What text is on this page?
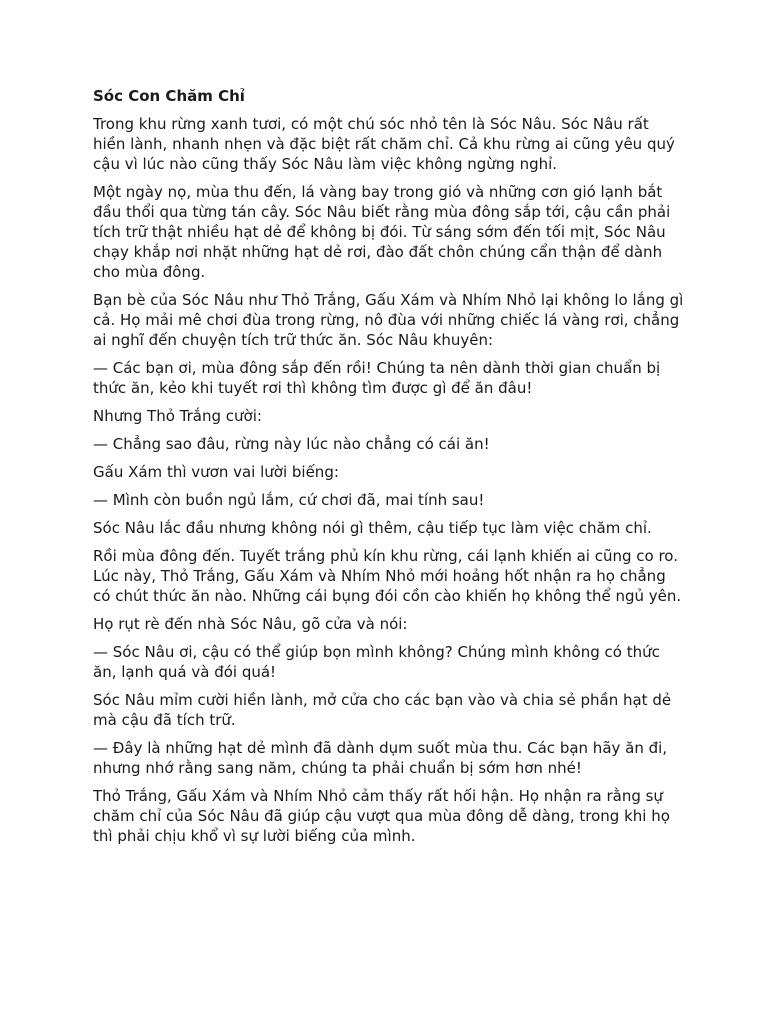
Sóc Con Chăm Chỉ
Trong khu rừng xanh tươi, có một chú sóc nhỏ tên là Sóc Nâu. Sóc Nâu rất hiền lành, nhanh nhẹn và đặc biệt rất chăm chỉ. Cả khu rừng ai cũng yêu quý cậu vì lúc nào cũng thấy Sóc Nâu làm việc không ngừng nghỉ.
Một ngày nọ, mùa thu đến, lá vàng bay trong gió và những cơn gió lạnh bắt đầu thổi qua từng tán cây. Sóc Nâu biết rằng mùa đông sắp tới, cậu cần phải tích trữ thật nhiều hạt dẻ để không bị đói. Từ sáng sớm đến tối mịt, Sóc Nâu chạy khắp nơi nhặt những hạt dẻ rơi, đào đất chôn chúng cẩn thận để dành cho mùa đông.
Bạn bè của Sóc Nâu như Thỏ Trắng, Gấu Xám và Nhím Nhỏ lại không lo lắng gì cả. Họ mải mê chơi đùa trong rừng, nô đùa với những chiếc lá vàng rơi, chẳng ai nghĩ đến chuyện tích trữ thức ăn. Sóc Nâu khuyên:
— Các bạn ơi, mùa đông sắp đến rồi! Chúng ta nên dành thời gian chuẩn bị thức ăn, kẻo khi tuyết rơi thì không tìm được gì để ăn đâu!
Nhưng Thỏ Trắng cười:
— Chẳng sao đâu, rừng này lúc nào chẳng có cái ăn!
Gấu Xám thì vươn vai lười biếng:
— Mình còn buồn ngủ lắm, cứ chơi đã, mai tính sau!
Sóc Nâu lắc đầu nhưng không nói gì thêm, cậu tiếp tục làm việc chăm chỉ.
Rồi mùa đông đến. Tuyết trắng phủ kín khu rừng, cái lạnh khiến ai cũng co ro. Lúc này, Thỏ Trắng, Gấu Xám và Nhím Nhỏ mới hoảng hốt nhận ra họ chẳng có chút thức ăn nào. Những cái bụng đói cồn cào khiến họ không thể ngủ yên.
Họ rụt rè đến nhà Sóc Nâu, gõ cửa và nói:
— Sóc Nâu ơi, cậu có thể giúp bọn mình không? Chúng mình không có thức ăn, lạnh quá và đói quá!
Sóc Nâu mỉm cười hiền lành, mở cửa cho các bạn vào và chia sẻ phần hạt dẻ mà cậu đã tích trữ.
— Đây là những hạt dẻ mình đã dành dụm suốt mùa thu. Các bạn hãy ăn đi, nhưng nhớ rằng sang năm, chúng ta phải chuẩn bị sớm hơn nhé!
Thỏ Trắng, Gấu Xám và Nhím Nhỏ cảm thấy rất hối hận. Họ nhận ra rằng sự chăm chỉ của Sóc Nâu đã giúp cậu vượt qua mùa đông dễ dàng, trong khi họ thì phải chịu khổ vì sự lười biếng của mình.
